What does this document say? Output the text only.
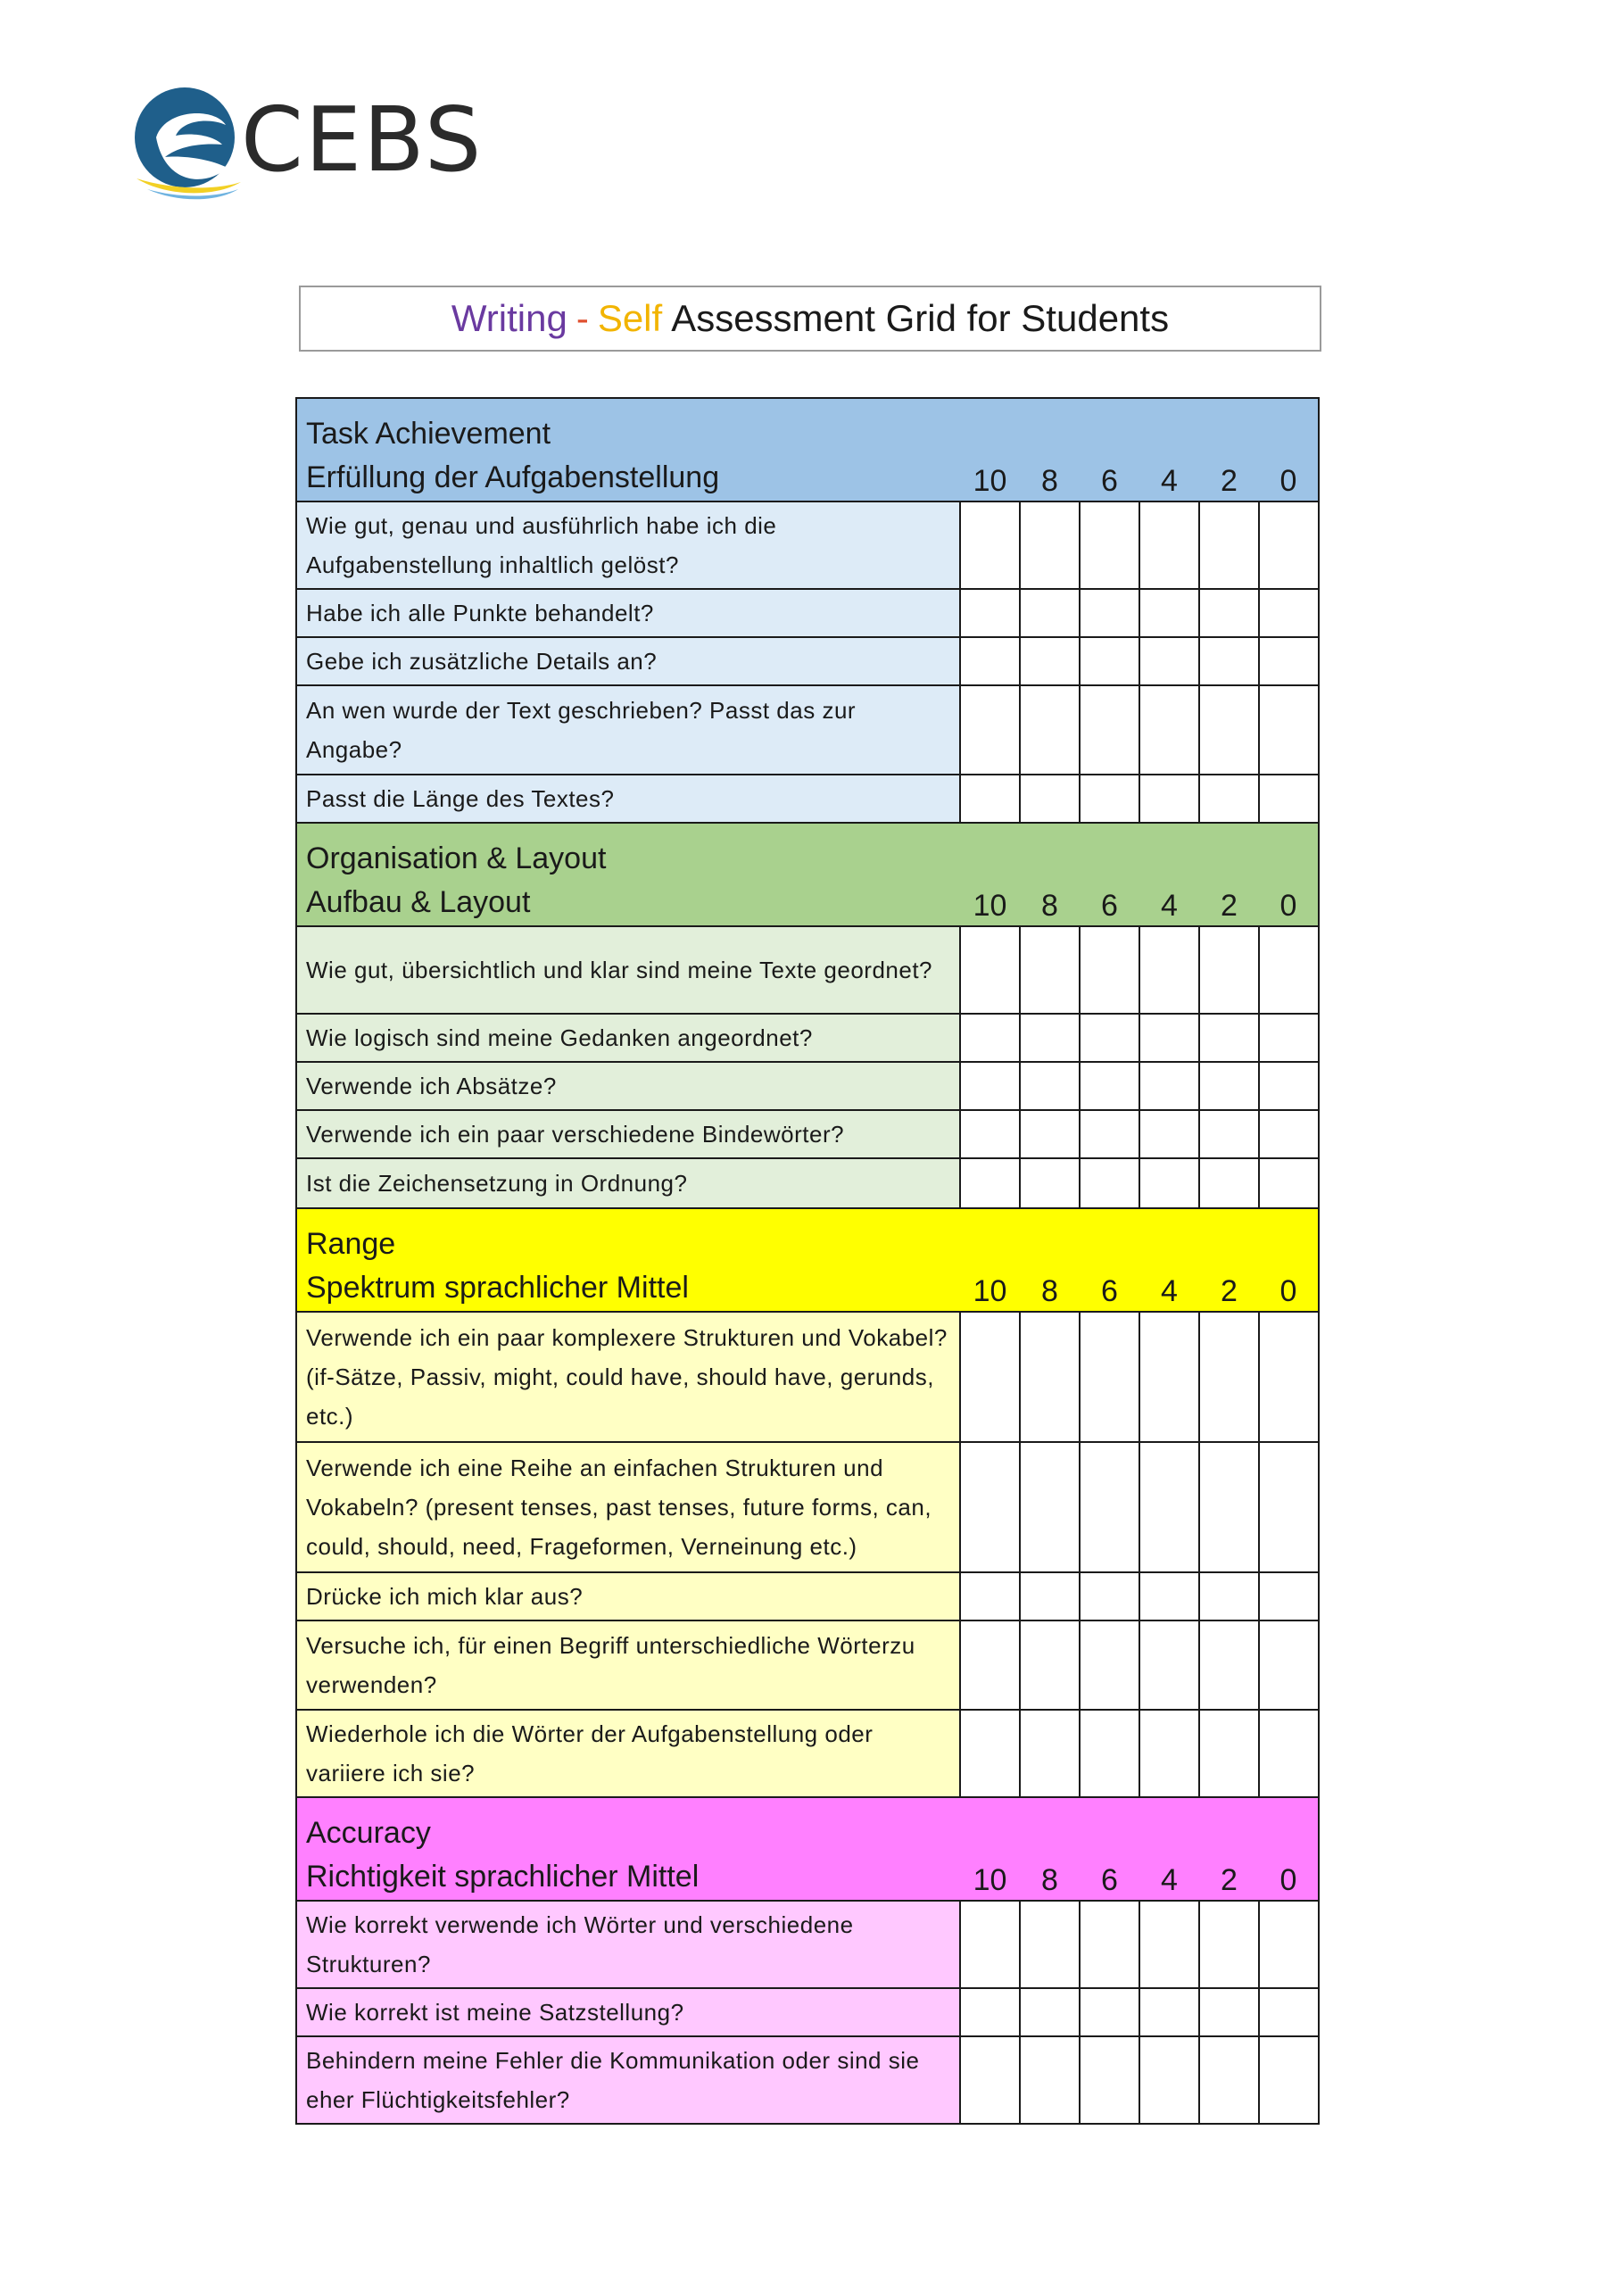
CEBS
Writing - Self Assessment Grid for Students
Task Achievement
Erfüllung der Aufgabenstellung	10	8	6	4	2	0
Wie gut, genau und ausführlich habe ich die Aufgabenstellung inhaltlich gelöst?						
Habe ich alle Punkte behandelt?						
Gebe ich zusätzliche Details an?						
An wen wurde der Text geschrieben? Passt das zur Angabe?						
Passt die Länge des Textes?						

Organisation & Layout
Aufbau & Layout	10	8	6	4	2	0
Wie gut, übersichtlich und klar sind meine Texte geordnet?						
Wie logisch sind meine Gedanken angeordnet?						
Verwende ich Absätze?						
Verwende ich ein paar verschiedene Bindewörter?						
Ist die Zeichensetzung in Ordnung?						

Range
Spektrum sprachlicher Mittel	10	8	6	4	2	0
Verwende ich ein paar komplexere Strukturen und Vokabel? (if-Sätze, Passiv, might, could have, should have, gerunds, etc.)						
Verwende ich eine Reihe an einfachen Strukturen und Vokabeln? (present tenses, past tenses, future forms, can, could, should, need, Frageformen, Verneinung etc.)						
Drücke ich mich klar aus?						
Versuche ich, für einen Begriff unterschiedliche Wörterzu verwenden?						
Wiederhole ich die Wörter der Aufgabenstellung oder variiere ich sie?						

Accuracy
Richtigkeit sprachlicher Mittel	10	8	6	4	2	0
Wie korrekt verwende ich Wörter und verschiedene Strukturen?						
Wie korrekt ist meine Satzstellung?						
Behindern meine Fehler die Kommunikation oder sind sie eher Flüchtigkeitsfehler?						
